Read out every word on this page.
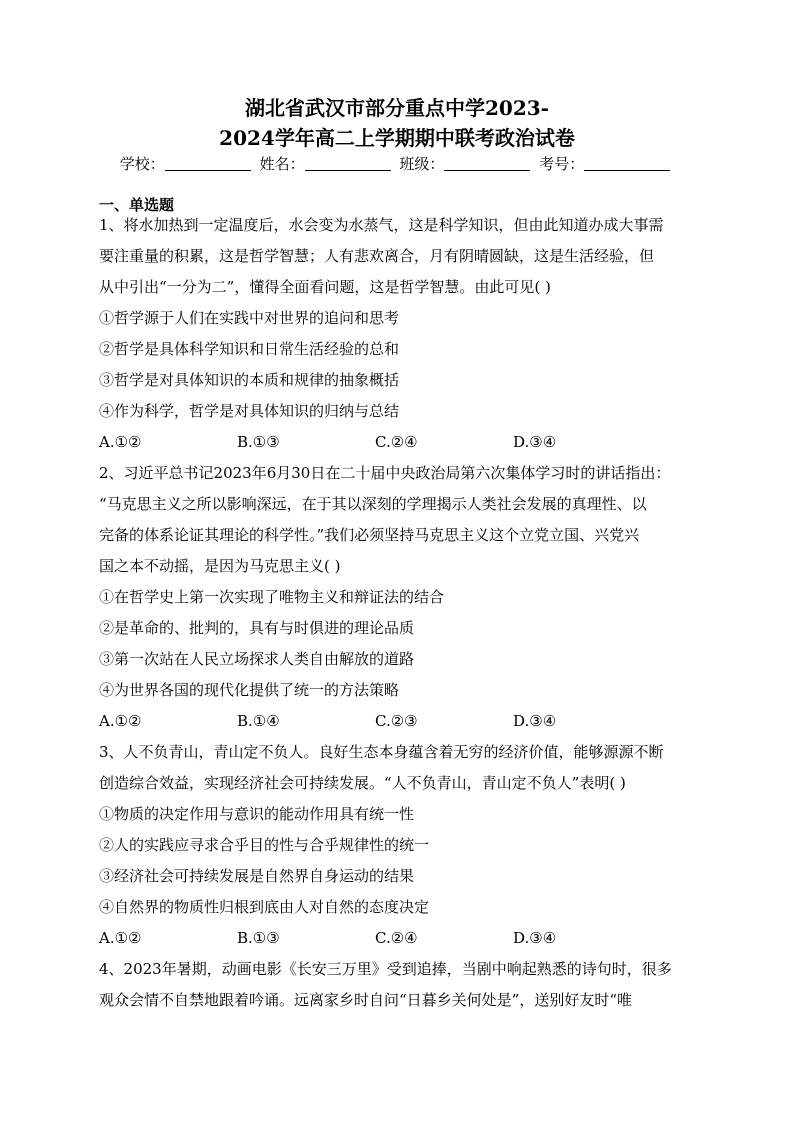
湖北省武汉市部分重点中学2023-
2024学年高二上学期期中联考政治试卷
学校：	姓名：	班级：	考号：
一、单选题
1、将水加热到一定温度后，水会变为水蒸气，这是科学知识，但由此知道办成大事需
要注重量的积累，这是哲学智慧；人有悲欢离合，月有阴晴圆缺，这是生活经验，但
从中引出“一分为二”，懂得全面看问题，这是哲学智慧。由此可见( )
①哲学源于人们在实践中对世界的追问和思考
②哲学是具体科学知识和日常生活经验的总和
③哲学是对具体知识的本质和规律的抽象概括
④作为科学，哲学是对具体知识的归纳与总结
A.①②	B.①③	C.②④	D.③④
2、习近平总书记2023年6月30日在二十届中央政治局第六次集体学习时的讲话指出：
“马克思主义之所以影响深远，在于其以深刻的学理揭示人类社会发展的真理性、以
完备的体系论证其理论的科学性。”我们必须坚持马克思主义这个立党立国、兴党兴
国之本不动摇，是因为马克思主义( )
①在哲学史上第一次实现了唯物主义和辩证法的结合
②是革命的、批判的，具有与时俱进的理论品质
③第一次站在人民立场探求人类自由解放的道路
④为世界各国的现代化提供了统一的方法策略
A.①②	B.①④	C.②③	D.③④
3、人不负青山，青山定不负人。良好生态本身蕴含着无穷的经济价值，能够源源不断
创造综合效益，实现经济社会可持续发展。“人不负青山，青山定不负人”表明( )
①物质的决定作用与意识的能动作用具有统一性
②人的实践应寻求合乎目的性与合乎规律性的统一
③经济社会可持续发展是自然界自身运动的结果
④自然界的物质性归根到底由人对自然的态度决定
A.①②	B.①③	C.②④	D.③④
4、2023年暑期，动画电影《长安三万里》受到追捧，当剧中响起熟悉的诗句时，很多
观众会情不自禁地跟着吟诵。远离家乡时自问“日暮乡关何处是”，送别好友时“唯
